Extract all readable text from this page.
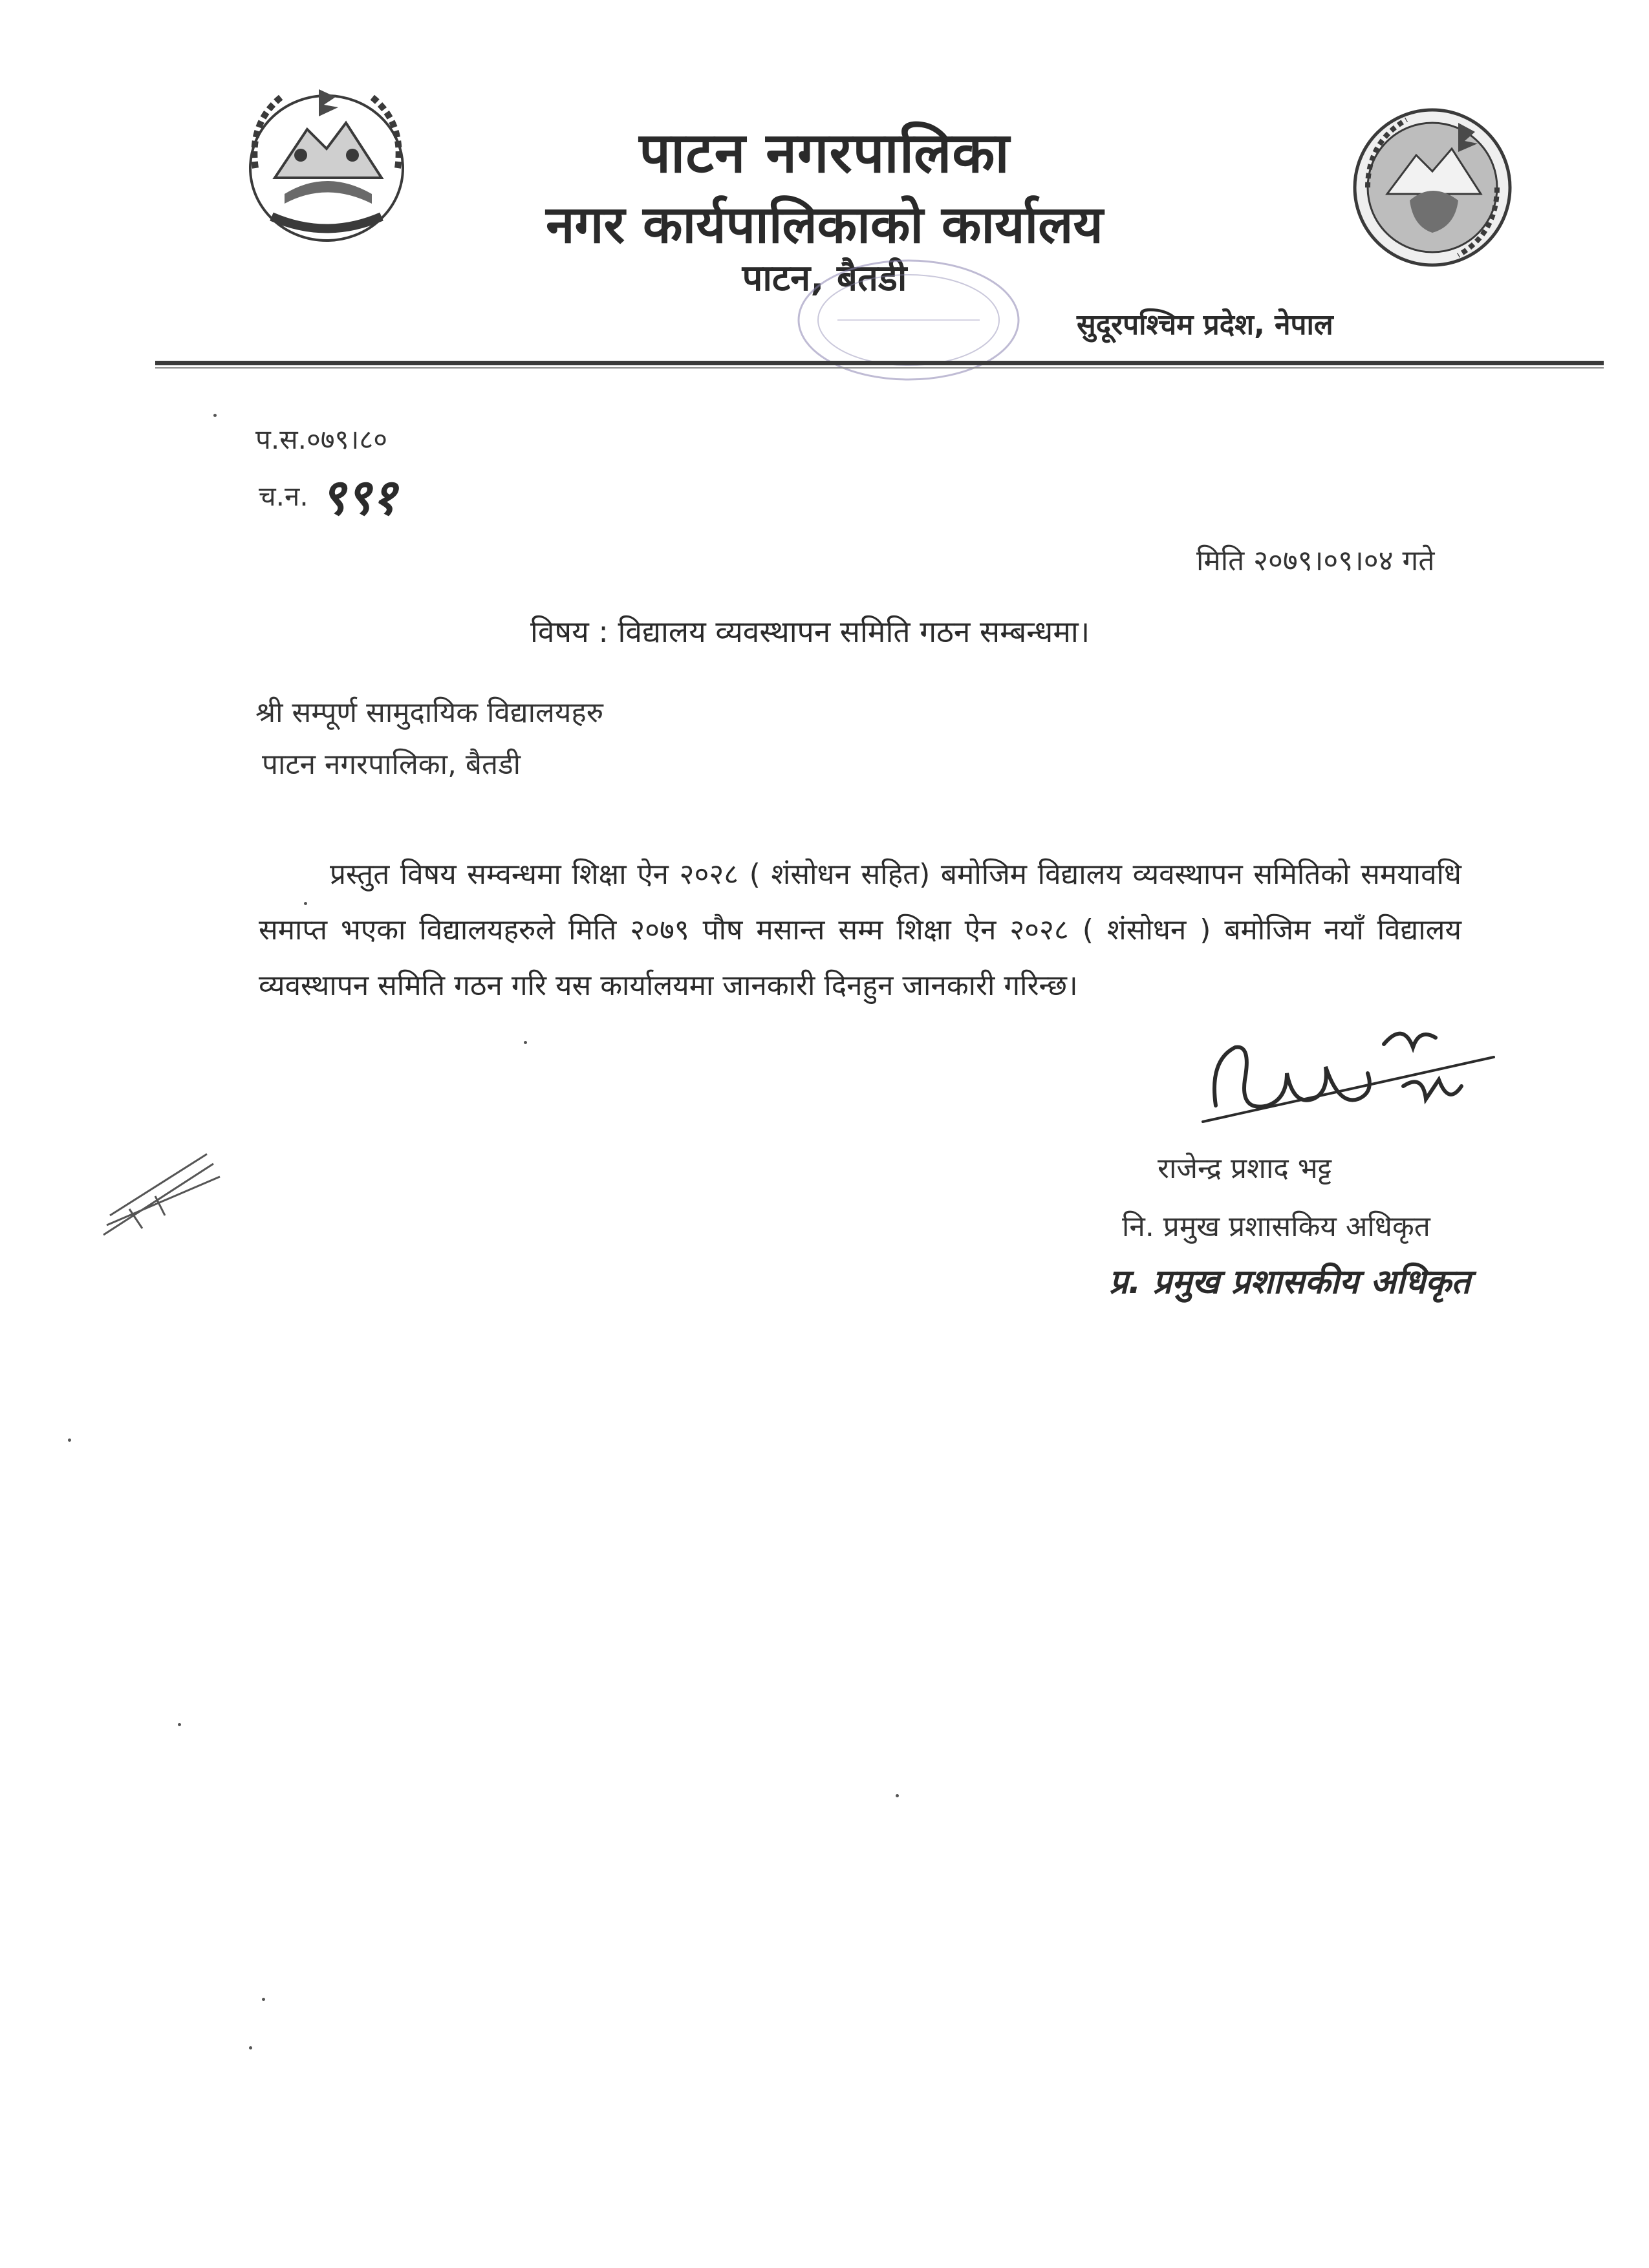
पाटन नगरपालिका
नगर कार्यपालिकाको कार्यालय
पाटन, बैतडी
सुदूरपश्चिम प्रदेश, नेपाल
प.स.०७९।८०
च.न. ९९१
मिति २०७९।०९।०४ गते
विषय : विद्यालय व्यवस्थापन समिति गठन सम्बन्धमा।
श्री सम्पूर्ण सामुदायिक विद्यालयहरु
पाटन नगरपालिका, बैतडी
प्रस्तुत विषय सम्वन्धमा शिक्षा ऐन २०२८ ( शंसोधन सहित) बमोजिम विद्यालय व्यवस्थापन समितिको समयावधि समाप्त भएका विद्यालयहरुले मिति २०७९ पौष मसान्त सम्म शिक्षा ऐन २०२८ ( शंसोधन ) बमोजिम नयाँ विद्यालय व्यवस्थापन समिति गठन गरि यस कार्यालयमा जानकारी दिनहुन जानकारी गरिन्छ।
राजेन्द्र प्रशाद भट्ट
नि. प्रमुख प्रशासकिय अधिकृत
प्र. प्रमुख प्रशासकीय अधिकृत
